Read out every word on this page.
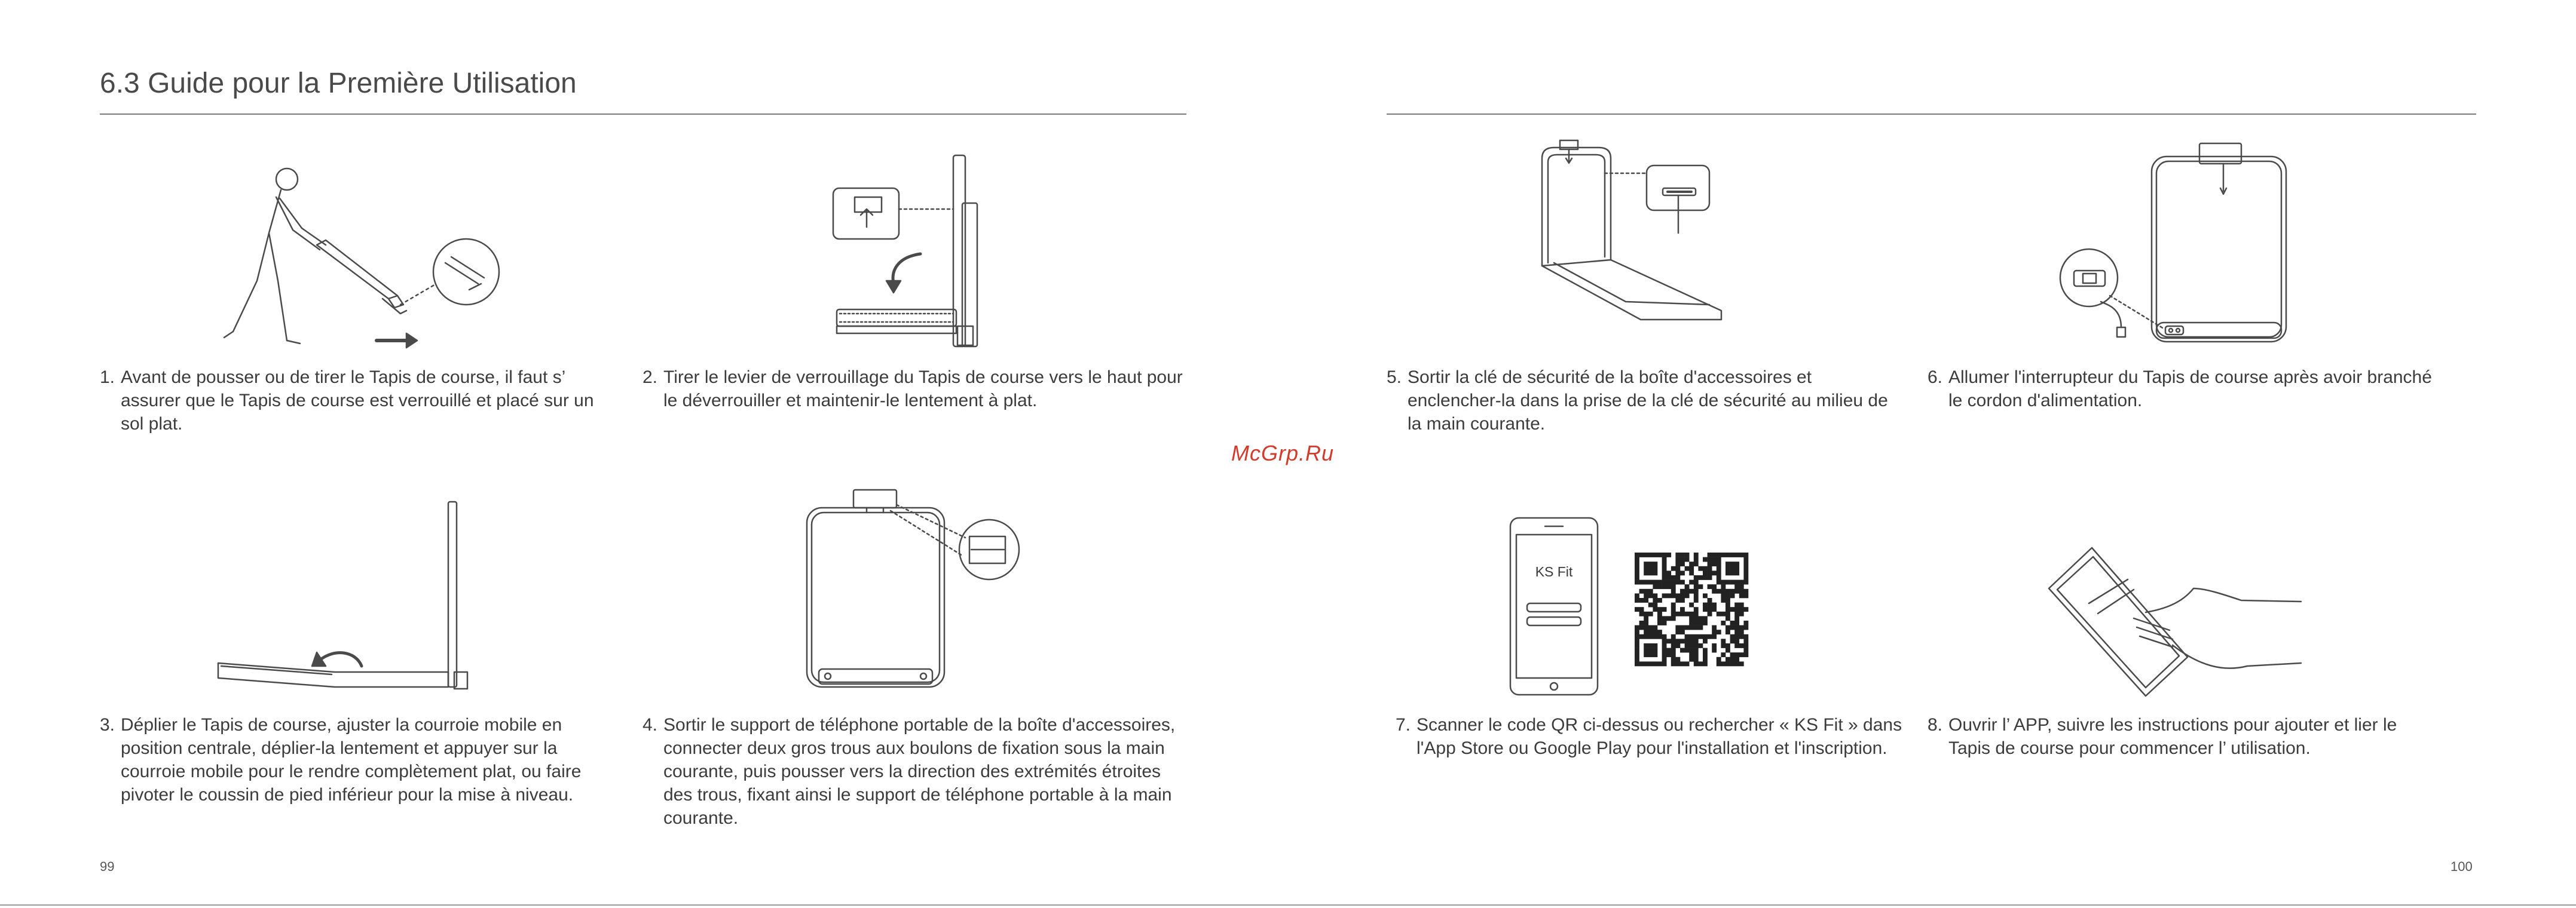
6.3 Guide pour la Première Utilisation
KS Fit
1. Avant de pousser ou de tirer le Tapis de course, il faut s’ assurer que le Tapis de course est verrouillé et placé sur un sol plat.
2. Tirer le levier de verrouillage du Tapis de course vers le haut pour le déverrouiller et maintenir-le lentement à plat.
3. Déplier le Tapis de course, ajuster la courroie mobile en position centrale, déplier-la lentement et appuyer sur la courroie mobile pour le rendre complètement plat, ou faire pivoter le coussin de pied inférieur pour la mise à niveau.
4. Sortir le support de téléphone portable de la boîte d'accessoires, connecter deux gros trous aux boulons de fixation sous la main courante, puis pousser vers la direction des extrémités étroites des trous, fixant ainsi le support de téléphone portable à la main courante.
5. Sortir la clé de sécurité de la boîte d'accessoires et enclencher-la dans la prise de la clé de sécurité au milieu de la main courante.
6. Allumer l'interrupteur du Tapis de course après avoir branché le cordon d'alimentation.
7. Scanner le code QR ci-dessus ou rechercher « KS Fit » dans l'App Store ou Google Play pour l'installation et l'inscription.
8. Ouvrir l’ APP, suivre les instructions pour ajouter et lier le Tapis de course pour commencer l’ utilisation.
McGrp.Ru
99	100
